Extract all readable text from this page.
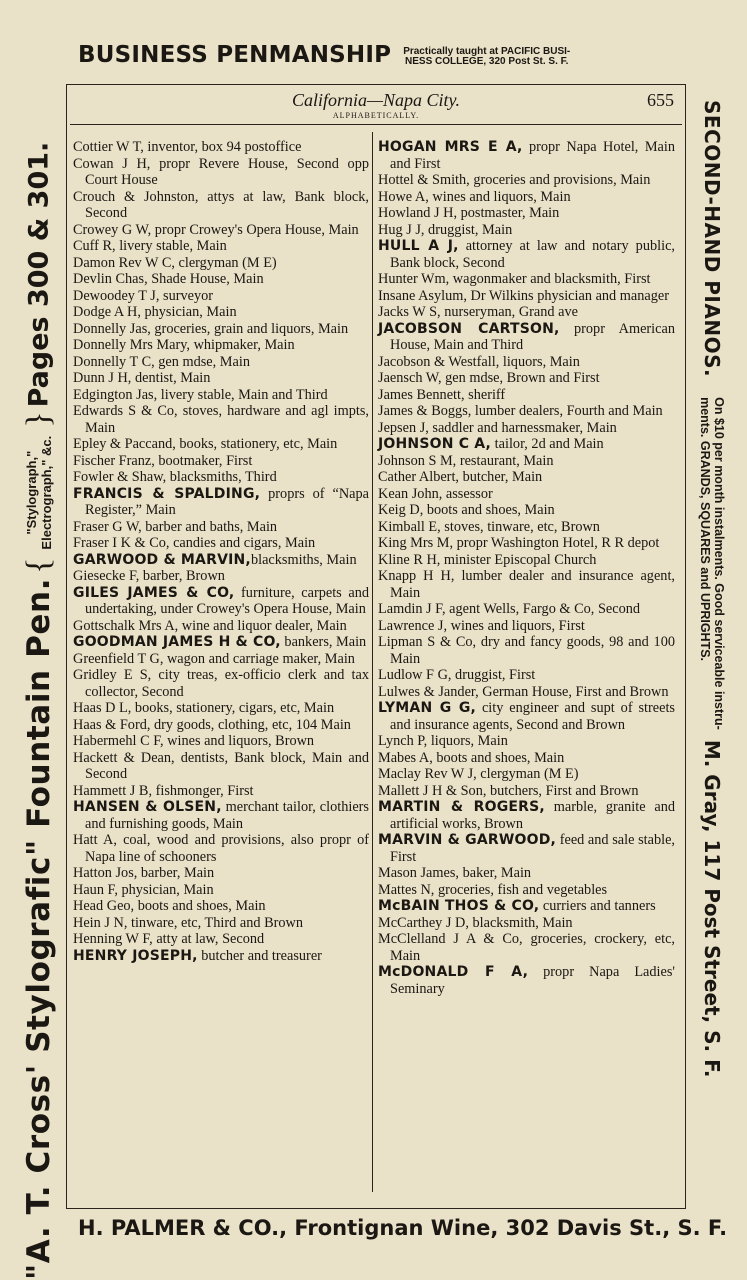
BUSINESS PENMANSHIP Practically taught at PACIFIC BUSI-
NESS COLLEGE, 320 Post St. S. F.
"A. T. Cross' Stylografic" Fountain Pen. { "Stylograph,"
Electrograph," &c. } Pages 300 & 301.	SECOND-HAND PIANOS. On $10 per month instalments. Good serviceable instru-
ments. GRANDS, SQUARES and UPRIGHTS. M. Gray, 117 Post Street, S. F.
California—Napa City.	655
ALPHABETICALLY.
Cottier W T, inventor, box 94 postoffice
Cowan J H, propr Revere House, Second opp Court House
Crouch & Johnston, attys at law, Bank block, Second
Crowey G W, propr Crowey's Opera House, Main
Cuff R, livery stable, Main
Damon Rev W C, clergyman (M E)
Devlin Chas, Shade House, Main
Dewoodey T J, surveyor
Dodge A H, physician, Main
Donnelly Jas, groceries, grain and liquors, Main
Donnelly Mrs Mary, whipmaker, Main
Donnelly T C, gen mdse, Main
Dunn J H, dentist, Main
Edgington Jas, livery stable, Main and Third
Edwards S & Co, stoves, hardware and agl impts, Main
Epley & Paccand, books, stationery, etc, Main
Fischer Franz, bootmaker, First
Fowler & Shaw, blacksmiths, Third
FRANCIS & SPALDING, proprs of “Napa Register,” Main
Fraser G W, barber and baths, Main
Fraser I K & Co, candies and cigars, Main
GARWOOD & MARVIN,blacksmiths, Main
Giesecke F, barber, Brown
GILES JAMES & CO, furniture, carpets and undertaking, under Crowey's Opera House, Main
Gottschalk Mrs A, wine and liquor dealer, Main
GOODMAN JAMES H & CO, bankers, Main
Greenfield T G, wagon and carriage maker, Main
Gridley E S, city treas, ex-officio clerk and tax collector, Second
Haas D L, books, stationery, cigars, etc, Main
Haas & Ford, dry goods, clothing, etc, 104 Main
Habermehl C F, wines and liquors, Brown
Hackett & Dean, dentists, Bank block, Main and Second
Hammett J B, fishmonger, First
HANSEN & OLSEN, merchant tailor, clothiers and furnishing goods, Main
Hatt A, coal, wood and provisions, also propr of Napa line of schooners
Hatton Jos, barber, Main
Haun F, physician, Main
Head Geo, boots and shoes, Main
Hein J N, tinware, etc, Third and Brown
Henning W F, atty at law, Second
HENRY JOSEPH, butcher and treasurer
HOGAN MRS E A, propr Napa Hotel, Main and First
Hottel & Smith, groceries and provisions, Main
Howe A, wines and liquors, Main
Howland J H, postmaster, Main
Hug J J, druggist, Main
HULL A J, attorney at law and notary public, Bank block, Second
Hunter Wm, wagonmaker and blacksmith, First
Insane Asylum, Dr Wilkins physician and manager
Jacks W S, nurseryman, Grand ave
JACOBSON CARTSON, propr American House, Main and Third
Jacobson & Westfall, liquors, Main
Jaensch W, gen mdse, Brown and First
James Bennett, sheriff
James & Boggs, lumber dealers, Fourth and Main
Jepsen J, saddler and harnessmaker, Main
JOHNSON C A, tailor, 2d and Main
Johnson S M, restaurant, Main
Cather Albert, butcher, Main
Kean John, assessor
Keig D, boots and shoes, Main
Kimball E, stoves, tinware, etc, Brown
King Mrs M, propr Washington Hotel, R R depot
Kline R H, minister Episcopal Church
Knapp H H, lumber dealer and insurance agent, Main
Lamdin J F, agent Wells, Fargo & Co, Second
Lawrence J, wines and liquors, First
Lipman S & Co, dry and fancy goods, 98 and 100 Main
Ludlow F G, druggist, First
Lulwes & Jander, German House, First and Brown
LYMAN G G, city engineer and supt of streets and insurance agents, Second and Brown
Lynch P, liquors, Main
Mabes A, boots and shoes, Main
Maclay Rev W J, clergyman (M E)
Mallett J H & Son, butchers, First and Brown
MARTIN & ROGERS, marble, granite and artificial works, Brown
MARVIN & GARWOOD, feed and sale stable, First
Mason James, baker, Main
Mattes N, groceries, fish and vegetables
McBAIN THOS & CO, curriers and tanners
McCarthey J D, blacksmith, Main
McClelland J A & Co, groceries, crockery, etc, Main
McDONALD F A, propr Napa Ladies' Seminary
H. PALMER & CO., Frontignan Wine, 302 Davis St., S. F.
